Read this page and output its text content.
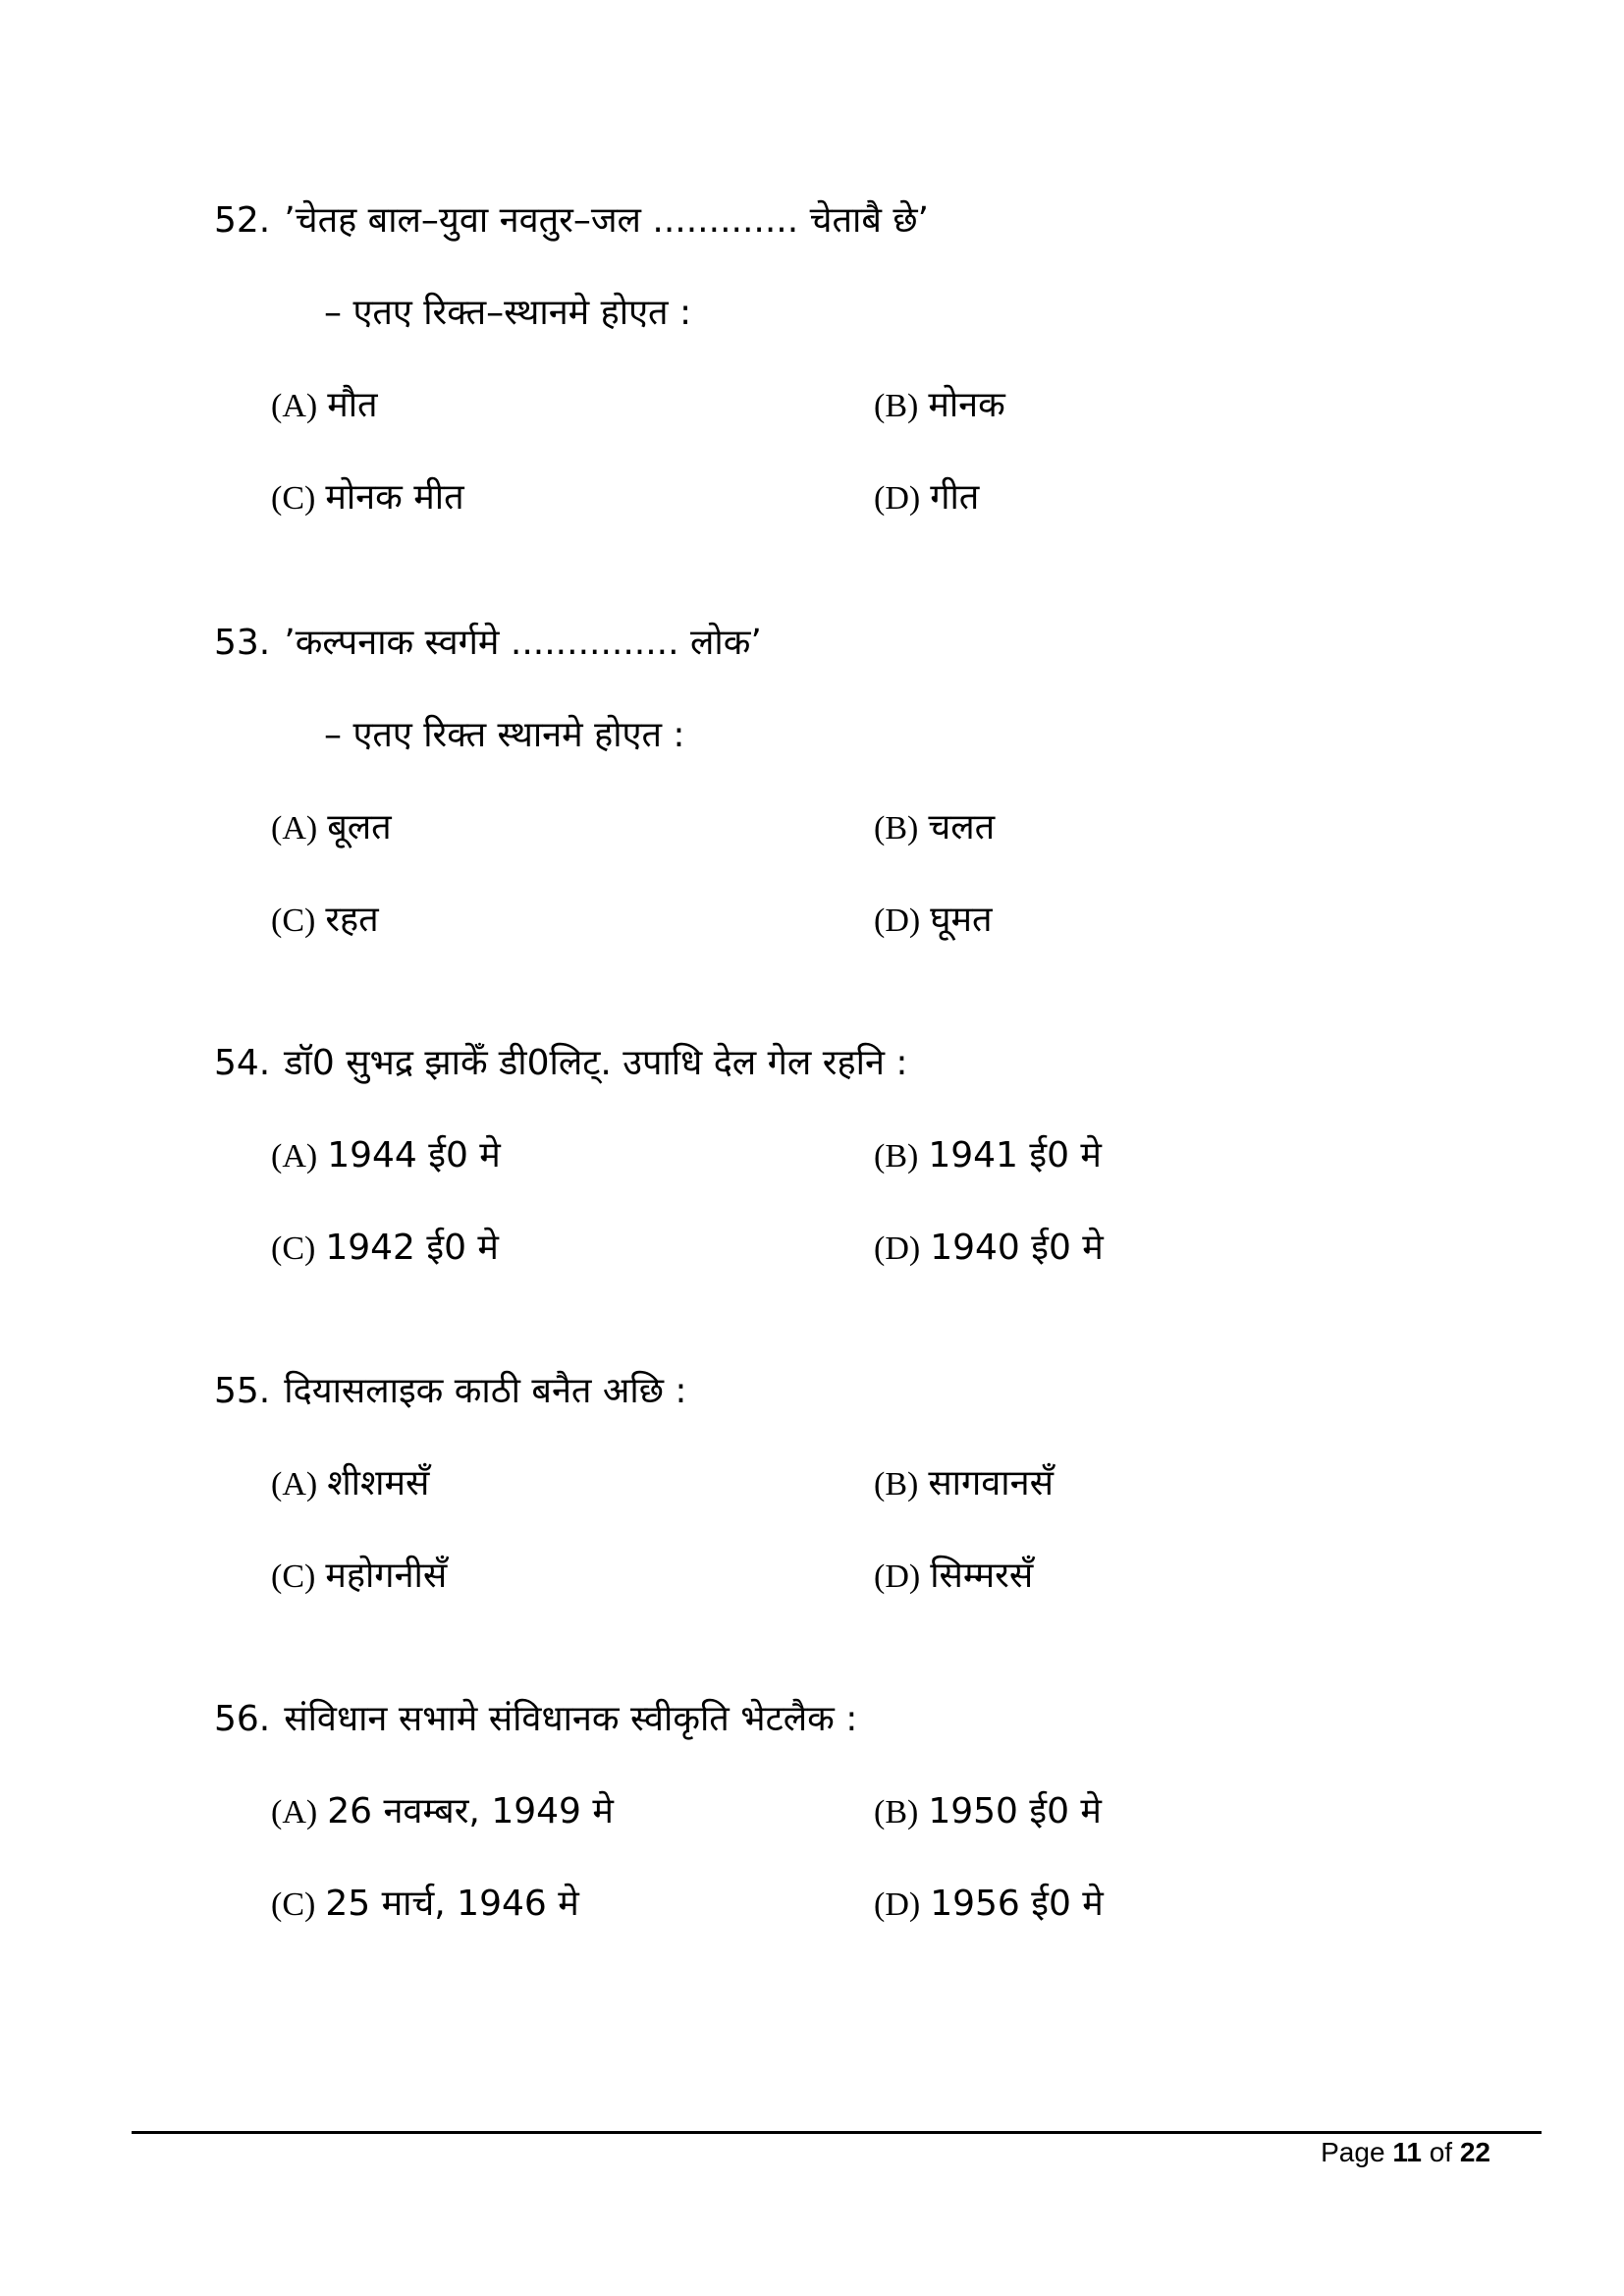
52. ’चेतह बाल–युवा नवतुर–जल ............. चेताबै छे’
– एतए रिक्त–स्थानमे होएत :
(A) मौत	(B) मोनक
(C) मोनक मीत	(D) गीत
53. ’कल्पनाक स्वर्गमे ............... लोक’
– एतए रिक्त स्थानमे होएत :
(A) बूलत	(B) चलत
(C) रहत	(D) घूमत
54. डॉ0 सुभद्र झाकेँ डी0लिट्. उपाधि देल गेल रहनि :
(A) 1944 ई0 मे	(B) 1941 ई0 मे
(C) 1942 ई0 मे	(D) 1940 ई0 मे
55. दियासलाइक काठी बनैत अछि :
(A) शीशमसँ	(B) सागवानसँ
(C) महोगनीसँ	(D) सिम्मरसँ
56. संविधान सभामे संविधानक स्वीकृति भेटलैक :
(A) 26 नवम्बर, 1949 मे	(B) 1950 ई0 मे
(C) 25 मार्च, 1946 मे	(D) 1956 ई0 मे
Page 11 of 22
